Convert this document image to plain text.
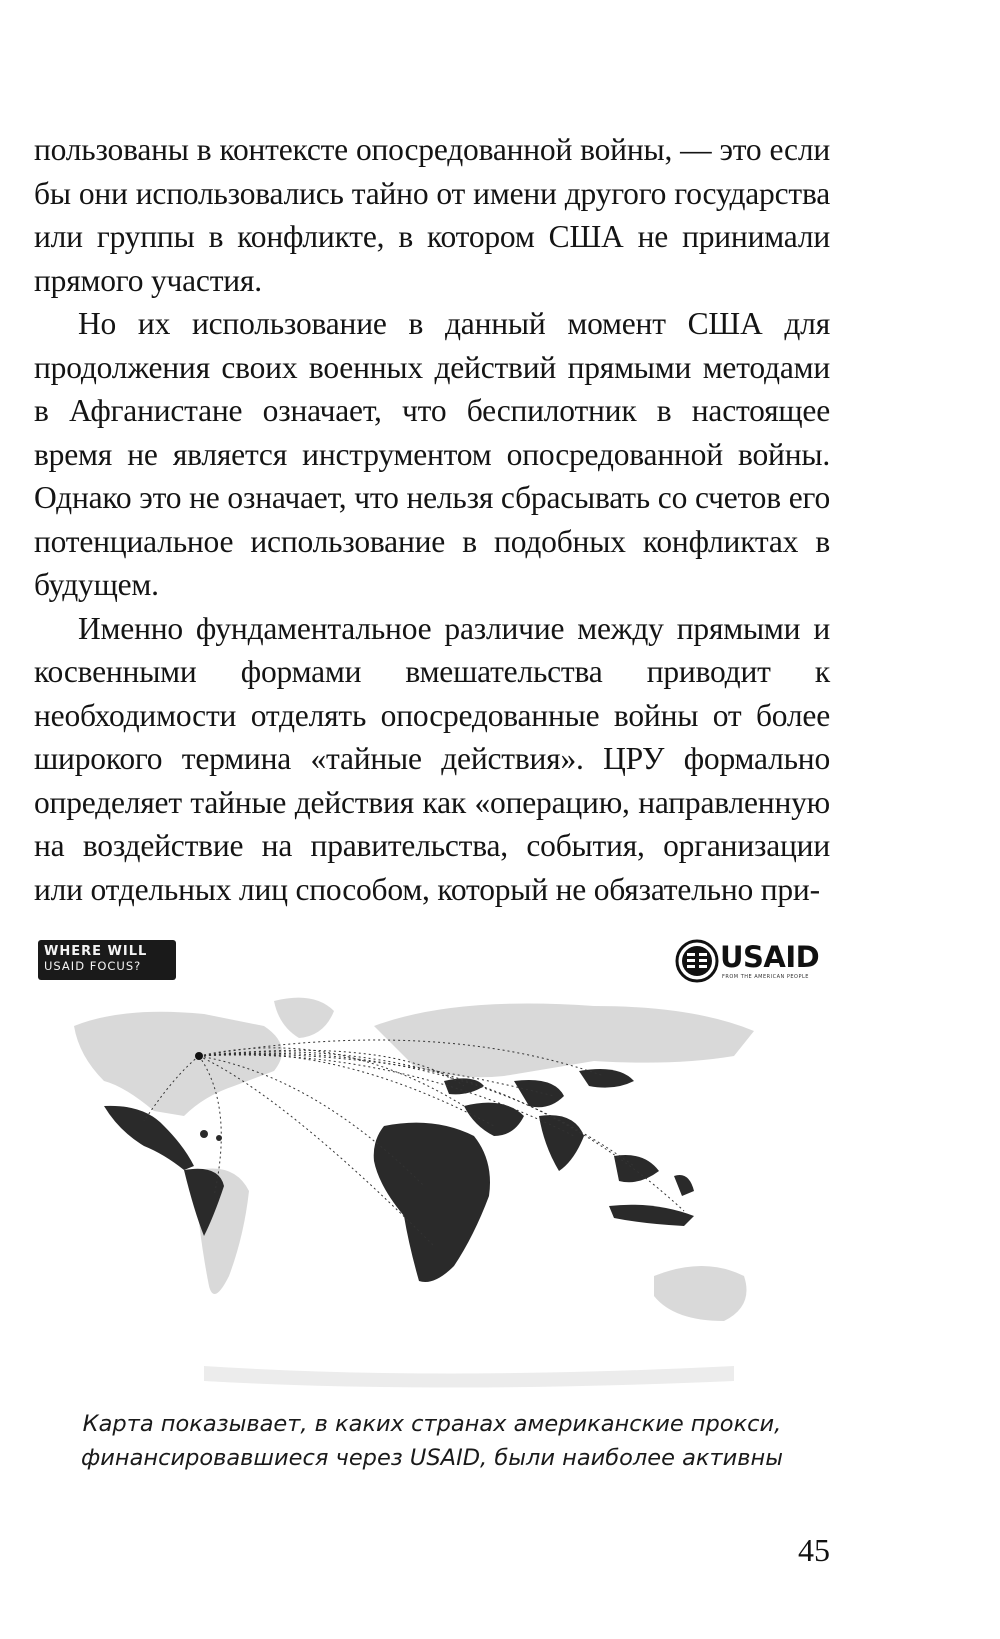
пользованы в контексте опосредованной войны, — это если бы они использовались тайно от имени другого государства или группы в конфликте, в котором США не принимали прямого участия.

Но их использование в данный момент США для продолжения своих военных действий прямыми методами в Афганистане означает, что беспилотник в настоящее время не является инструментом опосредованной войны. Однако это не означает, что нельзя сбрасывать со счетов его потенциальное использование в подобных конфликтах в будущем.

Именно фундаментальное различие между прямыми и косвенными формами вмешательства приводит к необходимости отделять опосредованные войны от более широкого термина «тайные действия». ЦРУ формально определяет тайные действия как «операцию, направленную на воздействие на правительства, события, организации или отдельных лиц способом, который не обязательно при-

WHERE WILL
USAID FOCUS?	USAID
FROM THE AMERICAN PEOPLE
Карта показывает, в каких странах американские прокси,
финансировавшиеся через USAID, были наиболее активны
45
